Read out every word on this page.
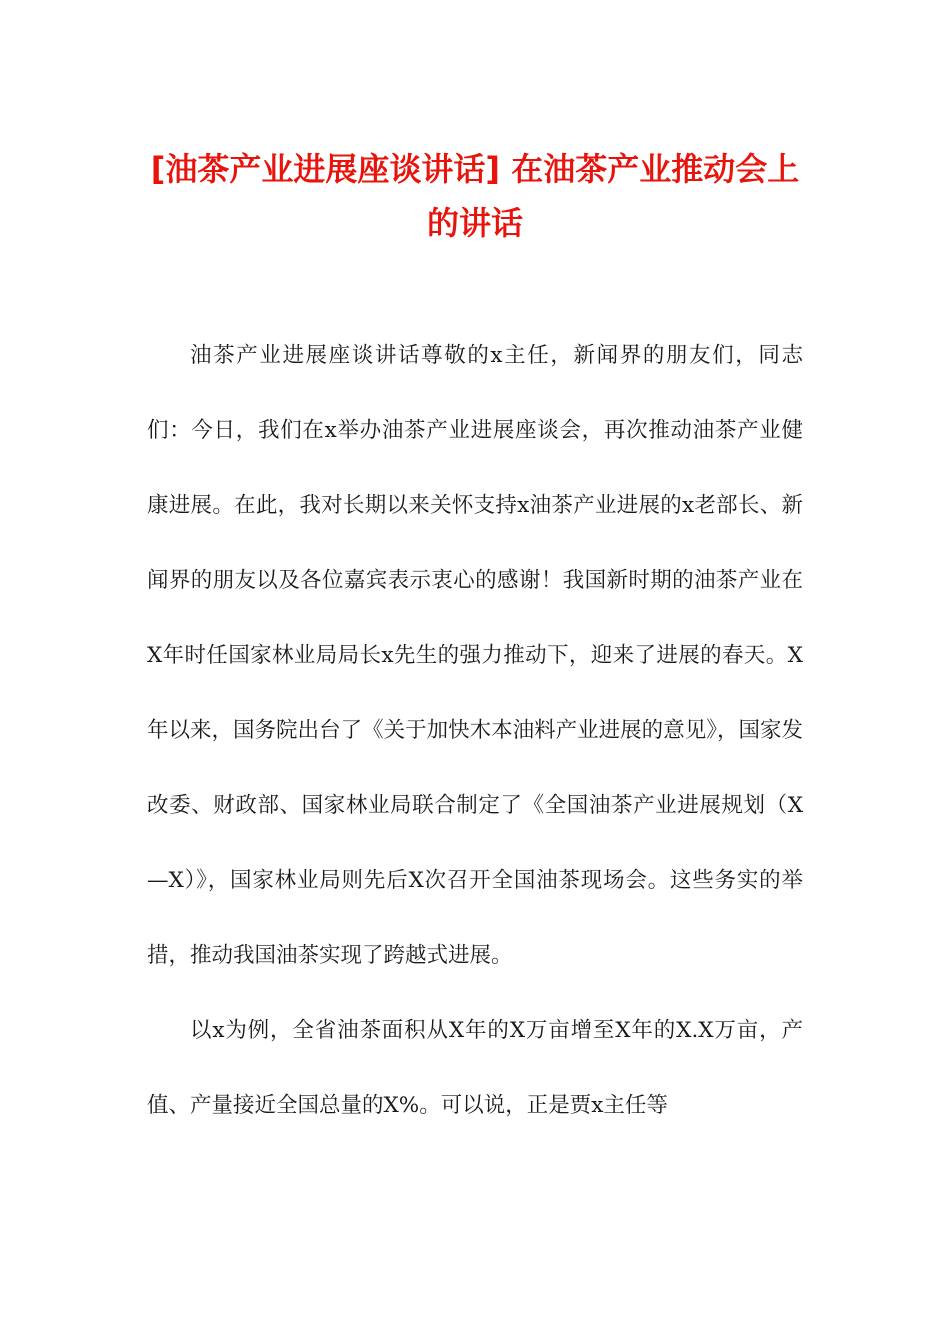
[油茶产业进展座谈讲话] 在油茶产业推动会上的讲话

油茶产业进展座谈讲话尊敬的x主任，新闻界的朋友们，同志们：今日，我们在x举办油茶产业进展座谈会，再次推动油茶产业健康进展。在此，我对长期以来关怀支持x油茶产业进展的x老部长、新闻界的朋友以及各位嘉宾表示衷心的感谢！我国新时期的油茶产业在X年时任国家林业局局长x先生的强力推动下，迎来了进展的春天。X年以来，国务院出台了《关于加快木本油料产业进展的意见》，国家发改委、财政部、国家林业局联合制定了《全国油茶产业进展规划（X—X）》，国家林业局则先后X次召开全国油茶现场会。这些务实的举措，推动我国油茶实现了跨越式进展。

以x为例，全省油茶面积从X年的X万亩增至X年的X.X万亩，产值、产量接近全国总量的X%。可以说，正是贾x主任等
